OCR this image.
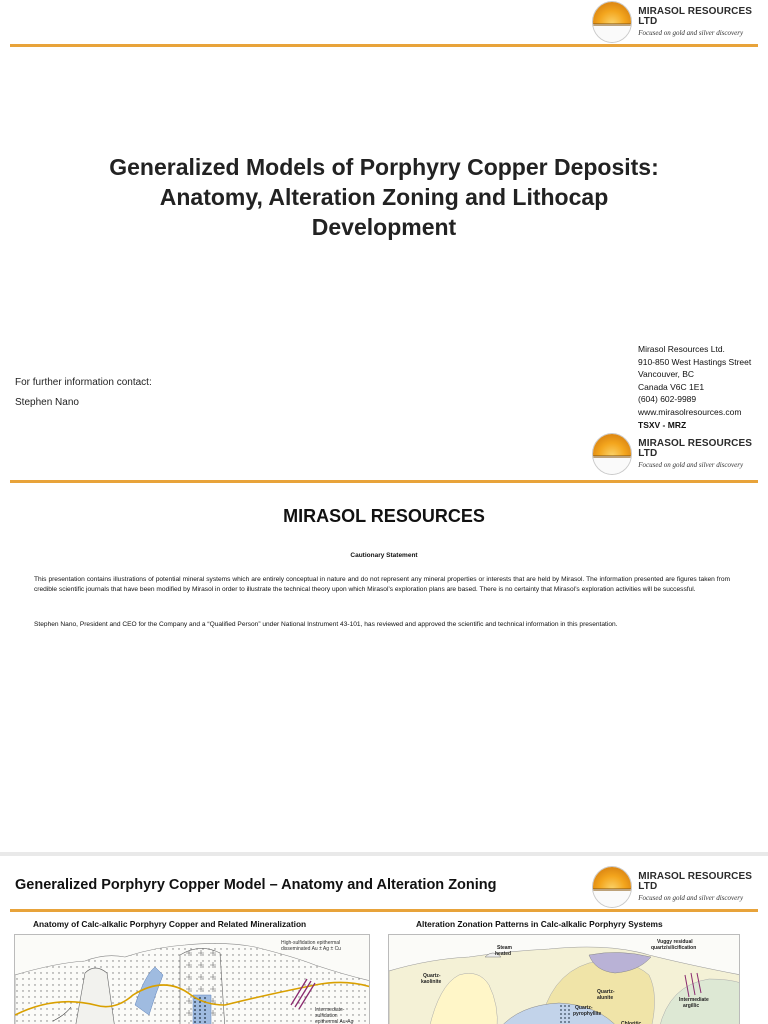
MIRASOL RESOURCES LTD
Focused on gold and silver discovery
Generalized Models of Porphyry Copper Deposits:
Anatomy, Alteration Zoning and Lithocap
Development
For further information contact:
Stephen Nano
Mirasol Resources Ltd.
910-850 West Hastings Street
Vancouver, BC
Canada V6C 1E1
(604) 602-9989
www.mirasolresources.com
TSXV - MRZ
MIRASOL RESOURCES LTD
Focused on gold and silver discovery
MIRASOL RESOURCES
Cautionary Statement
This presentation contains illustrations of potential mineral systems which are entirely conceptual in nature and do not represent any mineral properties or interests that are held by Mirasol. The information presented are figures taken from credible scientific journals that have been modified by Mirasol in order to illustrate the technical theory upon which Mirasol’s exploration plans are based. There is no certainty that Mirasol’s exploration activities will be successful.
Stephen Nano, President and CEO for the Company and a “Qualified Person” under National Instrument 43-101, has reviewed and approved the scientific and technical information in this presentation.
Generalized Porphyry Copper Model – Anatomy and Alteration Zoning
MIRASOL RESOURCES LTD
Focused on gold and silver discovery
Anatomy of Calc-alkalic Porphyry Copper and Related Mineralization	Alteration Zonation Patterns in Calc-alkalic Porphyry Systems
High-sulfidation epithermal
disseminated Au ± Ag ± Cu
Intermediate-
sulfidation
epithermal Au-Ag
Steam
heated
Vuggy residual
quartz/silicification
Quartz-
kaolinite
Quartz-
alunite	Intermediate
argillic
Quartz-
pyrophyllite
Chloritic
